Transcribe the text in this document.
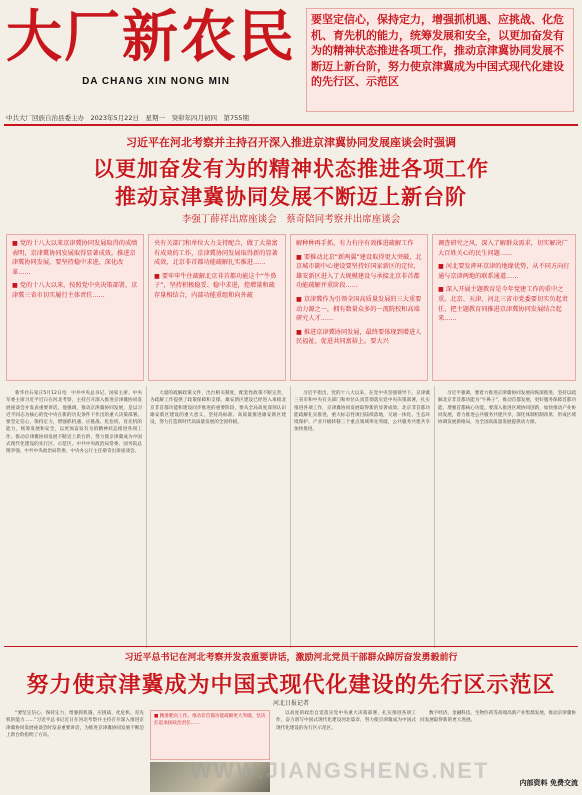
大厂新农民
DA CHANG XIN NONG MIN
要坚定信心，保持定力，增强抓机遇、应挑战、化危机、育先机的能力，统筹发展和安全，以更加奋发有为的精神状态推进各项工作，推动京津冀协同发展不断迈上新台阶，努力使京津冀成为中国式现代化建设的先行区、示范区
中共大厂回族自治县委主办　2023年5月22日　星期一　癸卯年四月初四　第755期
习近平在河北考察并主持召开深入推进京津冀协同发展座谈会时强调
以更加奋发有为的精神状态推进各项工作
推动京津冀协同发展不断迈上新台阶
李强丁薛祥出席座谈会　蔡奇陪同考察并出席座谈会

■ 党的十八大以来京津冀协同发展取得的成绩表明，京津冀协同发展取得显著成效。推进京津冀协同发展，要坚持稳中求进，深化改革……

■ 党的十八大以来，按照党中央决策部署，京津冀三省市切实履行主体责任……

央有关部门和单位大力支持配合，做了大量富有成效的工作，京津冀协同发展取得新的显著成效，北京非首都功能疏解扎实推进……

■ 要牢牢牛住疏解北京非首都功能这个“牛鼻子”，坚持积极稳妥、稳中求进，控增量和疏存量相结合，内部功能重组和向外疏

解种种再手抓，有力有序有效推进疏解工作

■ 要推动北京“新两翼”建设取得更大突破，北京城市副中心建设要坚持好国家新区的定位，雄安新区进入了大规模建设与承接北京非首都功能疏解并重阶段……

■ 京津冀作为引领全国高质量发展的三大重要动力源之一，拥有数量众多的一流院校和高端研究人才……

■ 推进京津冀协同发展，最终要体现到增进人民福祉、促进共同富裕上。要大兴

调查研究之风，深入了解群众需求，切实解决广大百姓关心的民生问题……

■ 河北要发挥环京津的地缘优势，从不同方向打通与京津两地的联系通道……

■ 深入开展主题教育是今年党建工作的重中之重。北京、天津、河北三省市党委要切实负起责任，把主题教育同推进京津冀协同发展结合起来……

新华社石家庄5月12日电　中共中央总书记、国家主席、中央军委主席习近平近日在河北考察，主持召开深入推进京津冀协同发展座谈会并发表重要讲话。他强调，推动京津冀协同发展，是以习近平同志为核心的党中央在新的历史条件下作出的重大决策部署。要坚定信心，保持定力，增强抓机遇、应挑战、化危机、育先机的能力，统筹发展和安全，以更加奋发有为的精神状态推进各项工作，推动京津冀协同发展不断迈上新台阶，努力使京津冀成为中国式现代化建设的先行区、示范区。中共中央政治局常委、国务院总理李强，中共中央政治局常委、中央办公厅主任蔡奇出席座谈会。

大量的疏解政策文件，出台相关制度，配套性政策不断完善，为疏解工作提供了政策保障和支撑。雄安新区建设已经进入承接北京非首都功能和建设同步推进的重要阶段，要从全局高度深刻认识雄安新区建设的重大意义，坚持高标准、高质量推进雄安新区建设，努力打造新时代高质量发展的全国样板。

习近平指出，党的十八大以来，在党中央坚强领导下，京津冀三省市和中央有关部门和单位认真贯彻落实党中央决策部署，扎实推进各项工作，京津冀协同发展取得新的显著成效。北京非首都功能疏解扎实推进，重大标志性项目陆续落地，交通一体化、生态环境保护、产业升级转移三个重点领域率先突破，公共服务共建共享加快推进。

习近平强调，要着力推进京津冀协同发展向纵深推进，坚持以疏解北京非首都功能为“牛鼻子”，推动首都发展，更好服务保障首都功能，增强首都核心功能。要深入推进区域协同创新，加快推动产业协同发展，着力推进公共服务共建共享，深化体制机制改革，形成区域协调发展新格局，为全国高质量发展提供动力源。

习近平总书记在河北考察并发表重要讲话，激励河北党员干部群众踔厉奋发勇毅前行
努力使京津冀成为中国式现代化建设的先行区示范区
河北日报记者

“要坚定信心，保持定力，增强抓机遇、应挑战、化危机、育先机的能力……”习近平总书记近日在河北考察并主持召开深入推进京津冀协同发展座谈会时发表重要讲话，为推进京津冀协同发展不断迈上新台阶指明了方向。

■ 精准靶向工作。推动非首都功能疏解更大突破。坚决扛起承接政治责任……

以高度的政治自觉落实党中央重大决策部署，扎实推进各项工作，奋力谱写中国式现代化建设河北篇章，努力使京津冀成为中国式现代化建设的先行区示范区。

数字经济、金融科技、生物医药等高端高新产业集群发展，推动京津冀协同发展取得新的更大进展。

WWW.JIANGSHENG.NET	内部资料 免费交流
